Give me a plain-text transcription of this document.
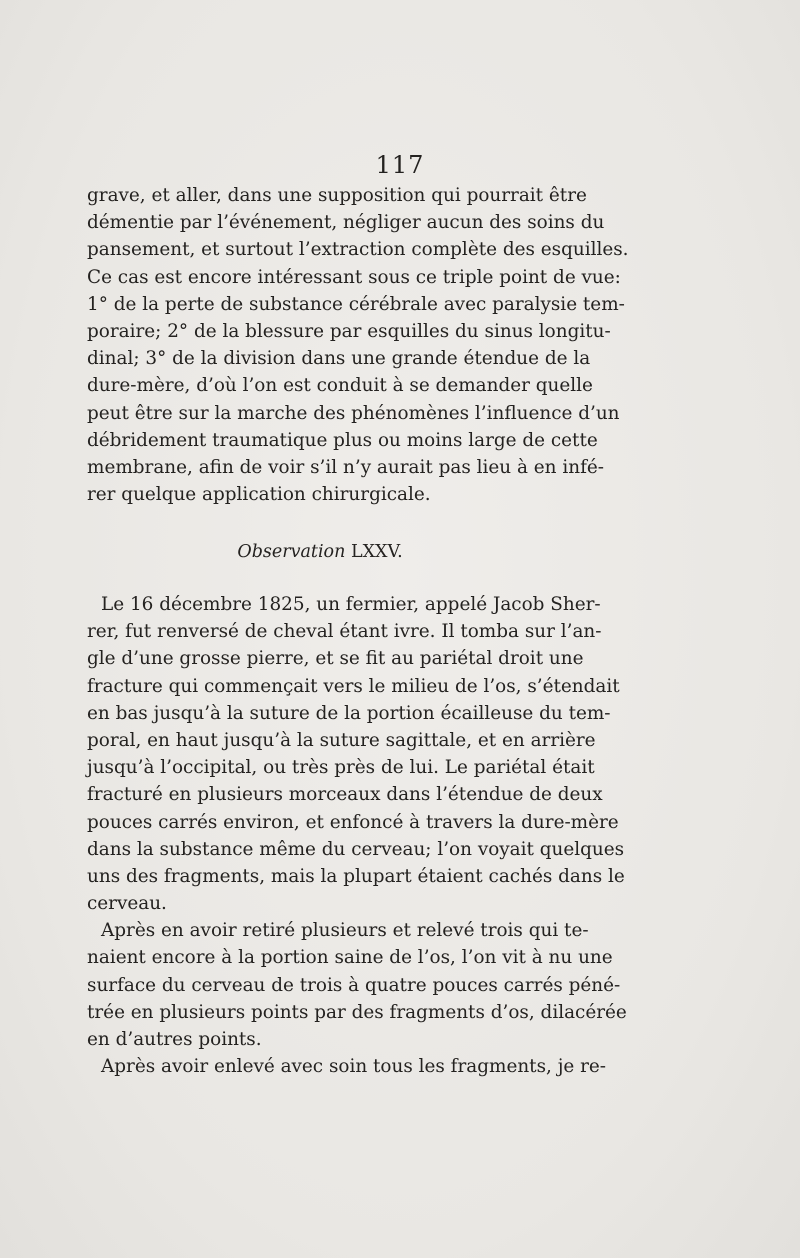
117
grave, et aller, dans une supposition qui pourrait être
démentie par l’événement, négliger aucun des soins du
pansement, et surtout l’extraction complète des esquilles.
Ce cas est encore intéressant sous ce triple point de vue:
1° de la perte de substance cérébrale avec paralysie tem-
poraire; 2° de la blessure par esquilles du sinus longitu-
dinal; 3° de la division dans une grande étendue de la
dure-mère, d’où l’on est conduit à se demander quelle
peut être sur la marche des phénomènes l’influence d’un
débridement traumatique plus ou moins large de cette
membrane, afin de voir s’il n’y aurait pas lieu à en infé-
rer quelque application chirurgicale.
Observation LXXV.
Le 16 décembre 1825, un fermier, appelé Jacob Sher-
rer, fut renversé de cheval étant ivre. Il tomba sur l’an-
gle d’une grosse pierre, et se fit au pariétal droit une
fracture qui commençait vers le milieu de l’os, s’étendait
en bas jusqu’à la suture de la portion écailleuse du tem-
poral, en haut jusqu’à la suture sagittale, et en arrière
jusqu’à l’occipital, ou très près de lui. Le pariétal était
fracturé en plusieurs morceaux dans l’étendue de deux
pouces carrés environ, et enfoncé à travers la dure-mère
dans la substance même du cerveau; l’on voyait quelques
uns des fragments, mais la plupart étaient cachés dans le
cerveau.
Après en avoir retiré plusieurs et relevé trois qui te-
naient encore à la portion saine de l’os, l’on vit à nu une
surface du cerveau de trois à quatre pouces carrés péné-
trée en plusieurs points par des fragments d’os, dilacérée
en d’autres points.
Après avoir enlevé avec soin tous les fragments, je re-
